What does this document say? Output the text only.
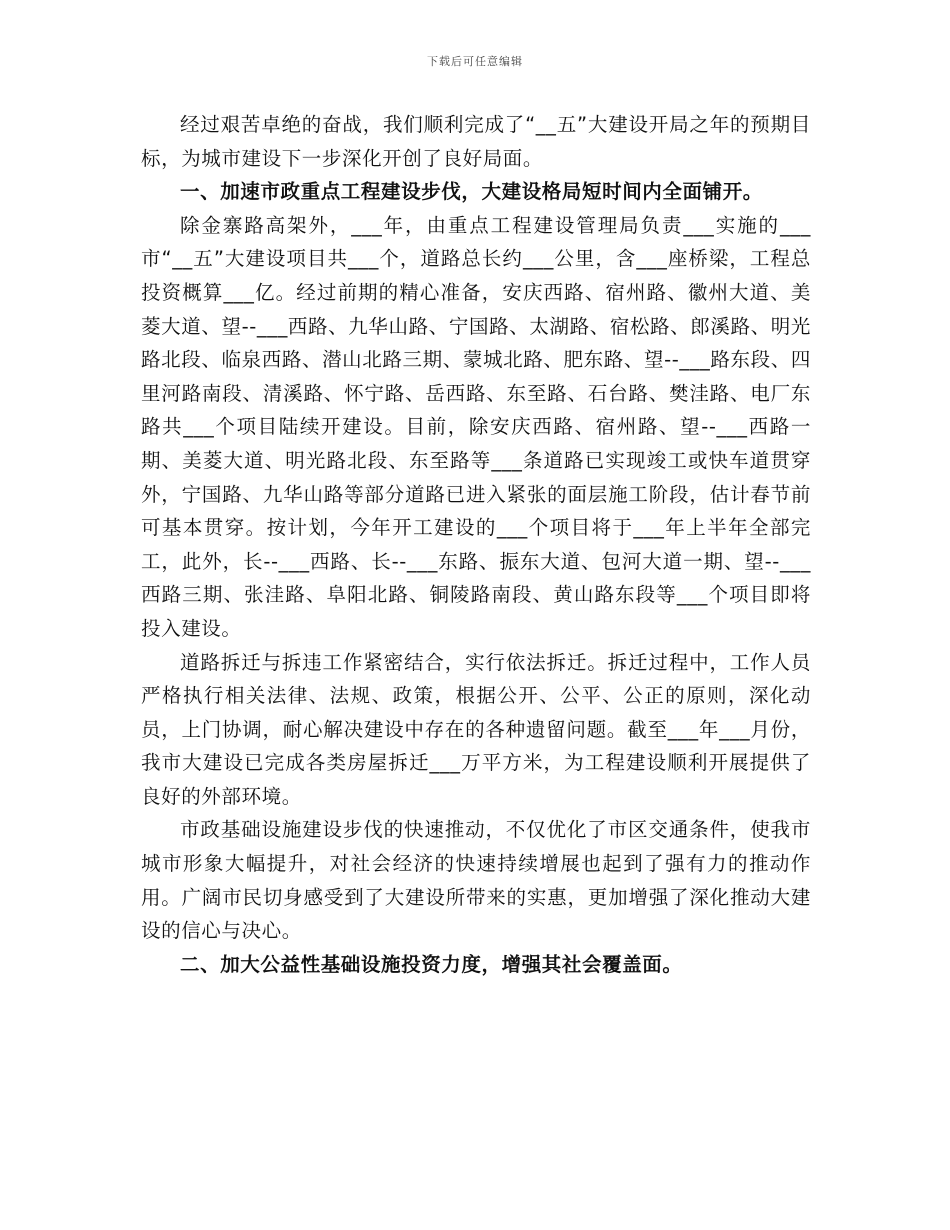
下载后可任意编辑

经过艰苦卓绝的奋战，我们顺利完成了“__五”大建设开局之年的预期目标，为城市建设下一步深化开创了良好局面。

一、加速市政重点工程建设步伐，大建设格局短时间内全面铺开。

除金寨路高架外，___年，由重点工程建设管理局负责___实施的___市“__五”大建设项目共___个，道路总长约___公里，含___座桥梁，工程总投资概算___亿。经过前期的精心准备，安庆西路、宿州路、徽州大道、美菱大道、望--___西路、九华山路、宁国路、太湖路、宿松路、郎溪路、明光路北段、临泉西路、潜山北路三期、蒙城北路、肥东路、望--___路东段、四里河路南段、清溪路、怀宁路、岳西路、东至路、石台路、樊洼路、电厂东路共___个项目陆续开建设。目前，除安庆西路、宿州路、望--___西路一期、美菱大道、明光路北段、东至路等___条道路已实现竣工或快车道贯穿外，宁国路、九华山路等部分道路已进入紧张的面层施工阶段，估计春节前可基本贯穿。按计划，今年开工建设的___个项目将于___年上半年全部完工，此外，长--___西路、长--___东路、振东大道、包河大道一期、望--___西路三期、张洼路、阜阳北路、铜陵路南段、黄山路东段等___个项目即将投入建设。

道路拆迁与拆违工作紧密结合，实行依法拆迁。拆迁过程中，工作人员严格执行相关法律、法规、政策，根据公开、公平、公正的原则，深化动员，上门协调，耐心解决建设中存在的各种遗留问题。截至___年___月份，我市大建设已完成各类房屋拆迁___万平方米，为工程建设顺利开展提供了良好的外部环境。

市政基础设施建设步伐的快速推动，不仅优化了市区交通条件，使我市城市形象大幅提升，对社会经济的快速持续增展也起到了强有力的推动作用。广阔市民切身感受到了大建设所带来的实惠，更加增强了深化推动大建设的信心与决心。

二、加大公益性基础设施投资力度，增强其社会覆盖面。
